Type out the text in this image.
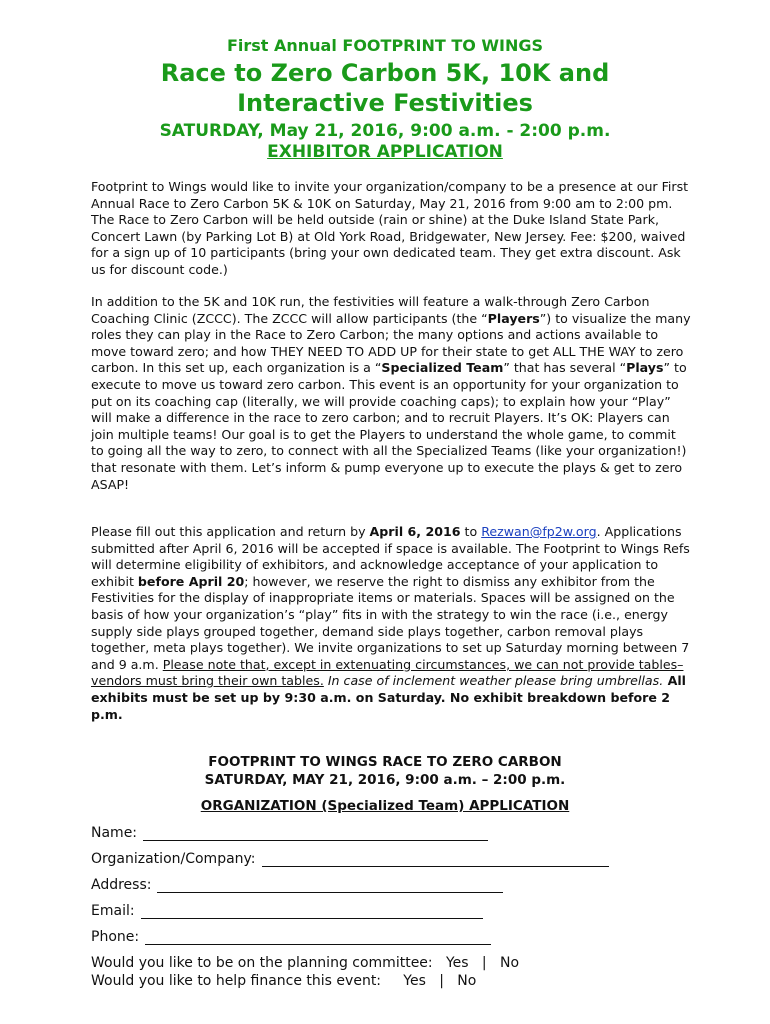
First Annual FOOTPRINT TO WINGS
Race to Zero Carbon 5K, 10K and
Interactive Festivities
SATURDAY, May 21, 2016, 9:00 a.m. - 2:00 p.m.
EXHIBITOR APPLICATION

Footprint to Wings would like to invite your organization/company to be a presence at our First Annual Race to Zero Carbon 5K & 10K on Saturday, May 21, 2016 from 9:00 am to 2:00 pm. The Race to Zero Carbon will be held outside (rain or shine) at the Duke Island State Park, Concert Lawn (by Parking Lot B) at Old York Road, Bridgewater, New Jersey. Fee: $200, waived for a sign up of 10 participants (bring your own dedicated team. They get extra discount. Ask us for discount code.)

In addition to the 5K and 10K run, the festivities will feature a walk-through Zero Carbon Coaching Clinic (ZCCC). The ZCCC will allow participants (the “Players”) to visualize the many roles they can play in the Race to Zero Carbon; the many options and actions available to move toward zero; and how THEY NEED TO ADD UP for their state to get ALL THE WAY to zero carbon. In this set up, each organization is a “Specialized Team” that has several “Plays” to execute to move us toward zero carbon. This event is an opportunity for your organization to put on its coaching cap (literally, we will provide coaching caps); to explain how your “Play” will make a difference in the race to zero carbon; and to recruit Players. It’s OK: Players can join multiple teams! Our goal is to get the Players to understand the whole game, to commit to going all the way to zero, to connect with all the Specialized Teams (like your organization!) that resonate with them. Let’s inform & pump everyone up to execute the plays & get to zero ASAP!

Please fill out this application and return by April 6, 2016 to Rezwan@fp2w.org. Applications submitted after April 6, 2016 will be accepted if space is available. The Footprint to Wings Refs will determine eligibility of exhibitors, and acknowledge acceptance of your application to exhibit before April 20; however, we reserve the right to dismiss any exhibitor from the Festivities for the display of inappropriate items or materials. Spaces will be assigned on the basis of how your organization’s “play” fits in with the strategy to win the race (i.e., energy supply side plays grouped together, demand side plays together, carbon removal plays together, meta plays together). We invite organizations to set up Saturday morning between 7 and 9 a.m. Please note that, except in extenuating circumstances, we can not provide tables– vendors must bring their own tables. In case of inclement weather please bring umbrellas. All exhibits must be set up by 9:30 a.m. on Saturday. No exhibit breakdown before 2 p.m.

FOOTPRINT TO WINGS RACE TO ZERO CARBON
SATURDAY, MAY 21, 2016, 9:00 a.m. – 2:00 p.m.
ORGANIZATION (Specialized Team) APPLICATION
Name:
Organization/Company:
Address:
Email:
Phone:
Would you like to be on the planning committee:   Yes   |   No
Would you like to help finance this event:     Yes   |   No
